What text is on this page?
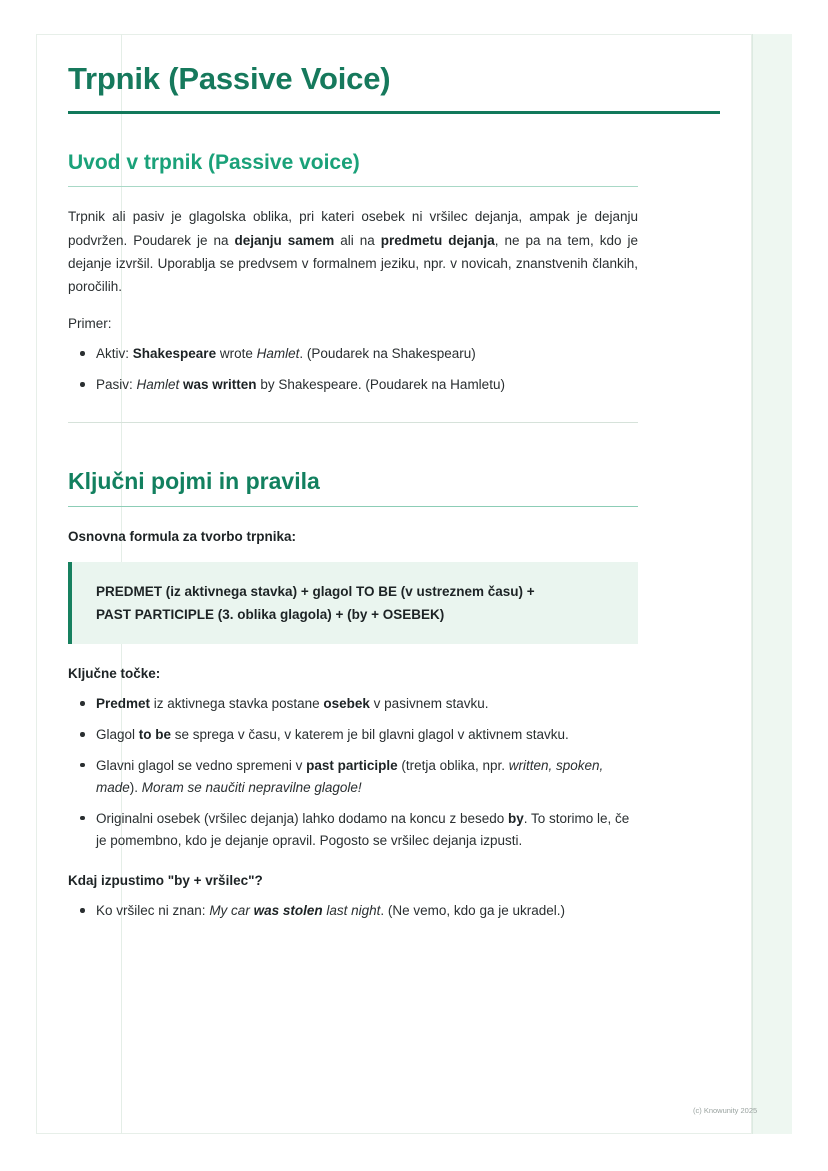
Trpnik (Passive Voice)
Uvod v trpnik (Passive voice)

Trpnik ali pasiv je glagolska oblika, pri kateri osebek ni vršilec dejanja, ampak je dejanju podvržen. Poudarek je na dejanju samem ali na predmetu dejanja, ne pa na tem, kdo je dejanje izvršil. Uporablja se predvsem v formalnem jeziku, npr. v novicah, znanstvenih člankih, poročilih.

Primer:

Aktiv: Shakespeare wrote Hamlet. (Poudarek na Shakespearu)
Pasiv: Hamlet was written by Shakespeare. (Poudarek na Hamletu)
Ključni pojmi in pravila

Osnovna formula za tvorbo trpnika:

PREDMET (iz aktivnega stavka) + glagol TO BE (v ustreznem času) +

PAST PARTICIPLE (3. oblika glagola) + (by + OSEBEK)

Ključne točke:

Predmet iz aktivnega stavka postane osebek v pasivnem stavku.
Glagol to be se sprega v času, v katerem je bil glavni glagol v aktivnem stavku.
Glavni glagol se vedno spremeni v past participle (tretja oblika, npr. written, spoken, made). Moram se naučiti nepravilne glagole!
Originalni osebek (vršilec dejanja) lahko dodamo na koncu z besedo by. To storimo le, če je pomembno, kdo je dejanje opravil. Pogosto se vršilec dejanja izpusti.

Kdaj izpustimo "by + vršilec"?

Ko vršilec ni znan: My car was stolen last night. (Ne vemo, kdo ga je ukradel.)
(c) Knowunity 2025
